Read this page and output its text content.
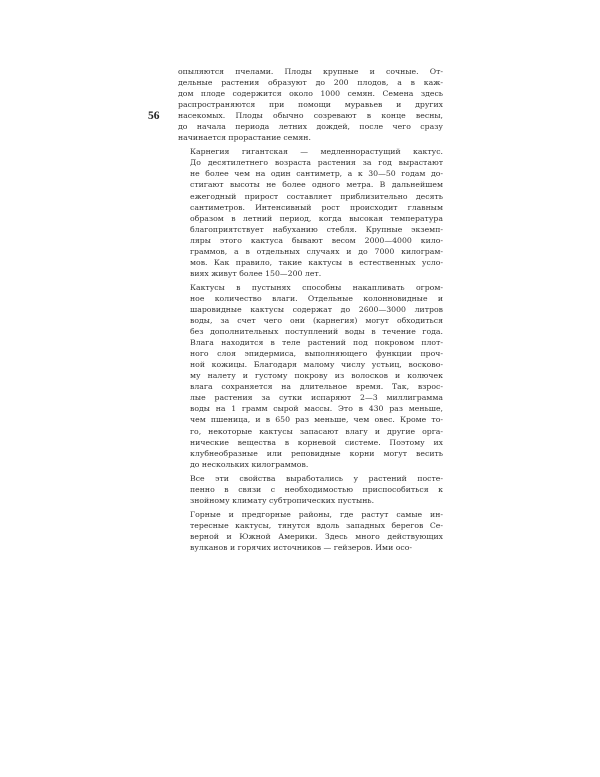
56

опыляются пчелами. Плоды крупные и сочные. От-
дельные растения образуют до 200 плодов, а в каж-
дом плоде содержится около 1000 семян. Семена здесь
распространяются при помощи муравьев и других
насекомых. Плоды обычно созревают в конце весны,
до начала периода летних дождей, после чего сразу
начинается прорастание семян.

Карнегия гигантская — медленнорастущий кактус.
До десятилетнего возраста растения за год вырастают
не более чем на один сантиметр, а к 30—50 годам до-
стигают высоты не более одного метра. В дальнейшем
ежегодный прирост составляет приблизительно десять
сантиметров. Интенсивный рост происходит главным
образом в летний период, когда высокая температура
благоприятствует набуханию стебля. Крупные экземп-
ляры этого кактуса бывают весом 2000—4000 кило-
граммов, а в отдельных случаях и до 7000 килограм-
мов. Как правило, такие кактусы в естественных усло-
виях живут более 150—200 лет.

Кактусы в пустынях способны накапливать огром-
ное количество влаги. Отдельные колонновидные и
шаровидные кактусы содержат до 2600—3000 литров
воды, за счет чего они (карнегия) могут обходиться
без дополнительных поступлений воды в течение года.
Влага находится в теле растений под покровом плот-
ного слоя эпидермиса, выполняющего функции проч-
ной кожицы. Благодаря малому числу устьиц, восково-
му налету и густому покрову из волосков и колючек
влага сохраняется на длительное время. Так, взрос-
лые растения за сутки испаряют 2—3 миллиграмма
воды на 1 грамм сырой массы. Это в 430 раз меньше,
чем пшеница, и в 650 раз меньше, чем овес. Кроме то-
го, некоторые кактусы запасают влагу и другие орга-
нические вещества в корневой системе. Поэтому их
клубнеобразные или реповидные корни могут весить
до нескольких килограммов.

Все эти свойства выработались у растений посте-
пенно в связи с необходимостью приспособиться к
знойному климату субтропических пустынь.

Горные и предгорные районы, где растут самые ин-
тересные кактусы, тянутся вдоль западных берегов Се-
верной и Южной Америки. Здесь много действующих
вулканов и горячих источников — гейзеров. Ими осо-
